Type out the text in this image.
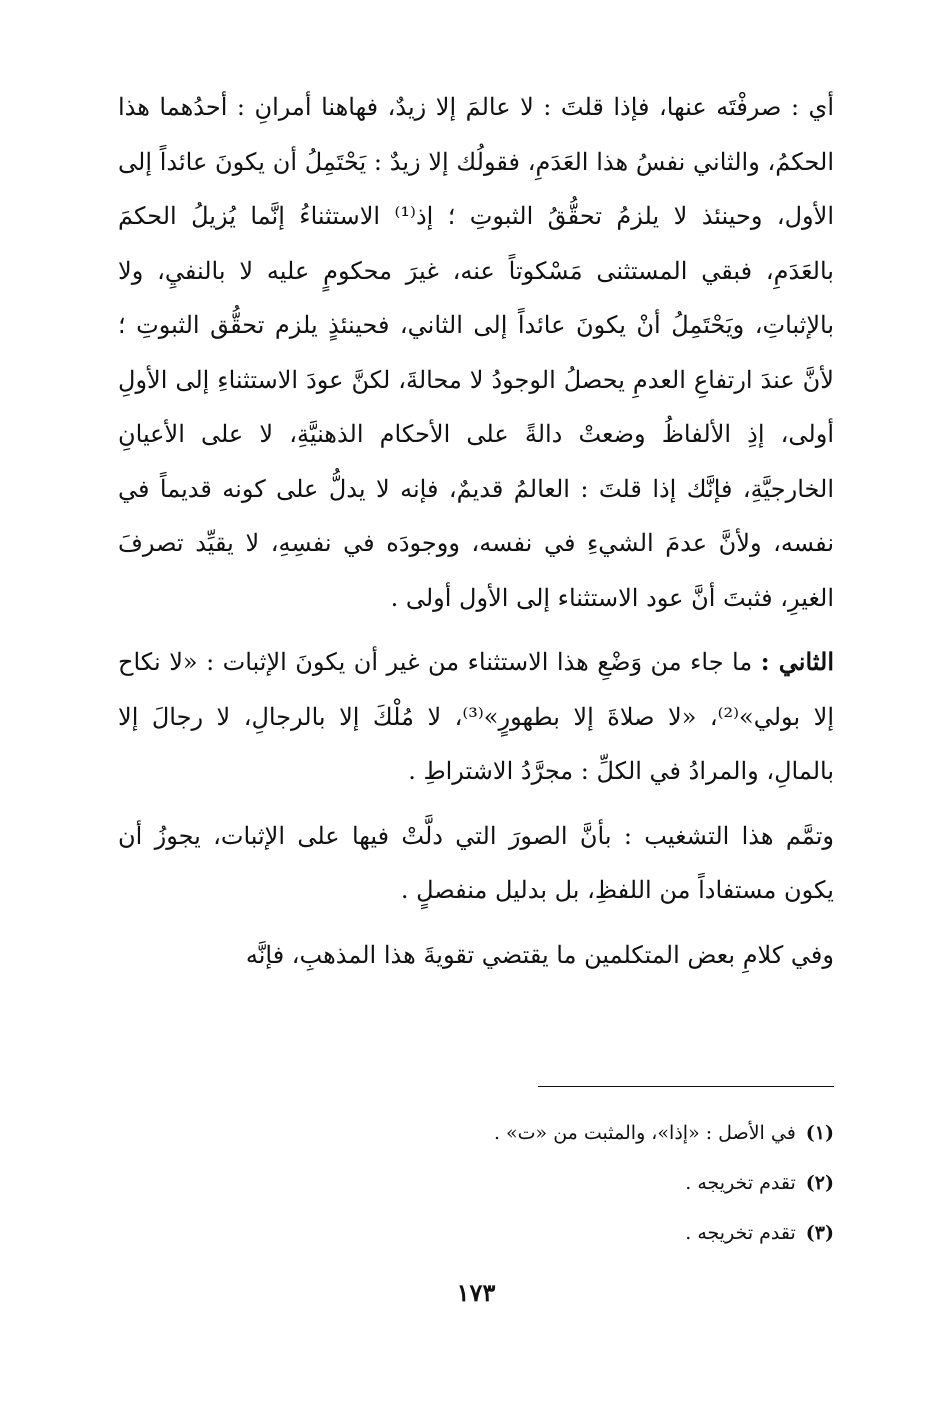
أي : صرفْتَه عنها، فإذا قلتَ : لا عالمَ إلا زيدٌ، فهاهنا أمرانِ : أحدُهما هذا الحكمُ، والثاني نفسُ هذا العَدَمِ، فقولُك إلا زيدٌ : يَحْتَمِلُ أن يكونَ عائداً إلى الأول، وحينئذ لا يلزمُ تحقُّقُ الثبوتِ ؛ إذ⁽¹⁾ الاستثناءُ إنَّما يُزيلُ الحكمَ بالعَدَمِ، فبقي المستثنى مَسْكوتاً عنه، غيرَ محكومٍ عليه لا بالنفيِ، ولا بالإثباتِ، ويَحْتَمِلُ أنْ يكونَ عائداً إلى الثاني، فحينئذٍ يلزم تحقُّق الثبوتِ ؛ لأنَّ عندَ ارتفاعِ العدمِ يحصلُ الوجودُ لا محالةَ، لكنَّ عودَ الاستثناءِ إلى الأولِ أولى، إذِ الألفاظُ وضعتْ دالةً على الأحكام الذهنيَّةِ، لا على الأعيانِ الخارجيَّةِ، فإنَّك إذا قلتَ : العالمُ قديمٌ، فإنه لا يدلُّ على كونه قديماً في نفسه، ولأنَّ عدمَ الشيءِ في نفسه، ووجودَه في نفسِهِ، لا يقيِّد تصرفَ الغيرِ، فثبتَ أنَّ عود الاستثناء إلى الأول أولى .

الثاني : ما جاء من وَضْعِ هذا الاستثناء من غير أن يكونَ الإثبات : «لا نكاح إلا بولي»⁽²⁾، «لا صلاةَ إلا بطهورٍ»⁽³⁾، لا مُلْكَ إلا بالرجالِ، لا رجالَ إلا بالمالِ، والمرادُ في الكلِّ : مجرَّدُ الاشتراطِ .

وتمَّم هذا التشغيب : بأنَّ الصورَ التي دلَّتْ فيها على الإثبات، يجوزُ أن يكون مستفاداً من اللفظِ، بل بدليل منفصلٍ .

وفي كلامِ بعض المتكلمين ما يقتضي تقويةَ هذا المذهبِ، فإنَّه

(١)
في الأصل : «إذا»، والمثبت من «ت» .
(٢)
تقدم تخريجه .
(٣)
تقدم تخريجه .
١٧٣
